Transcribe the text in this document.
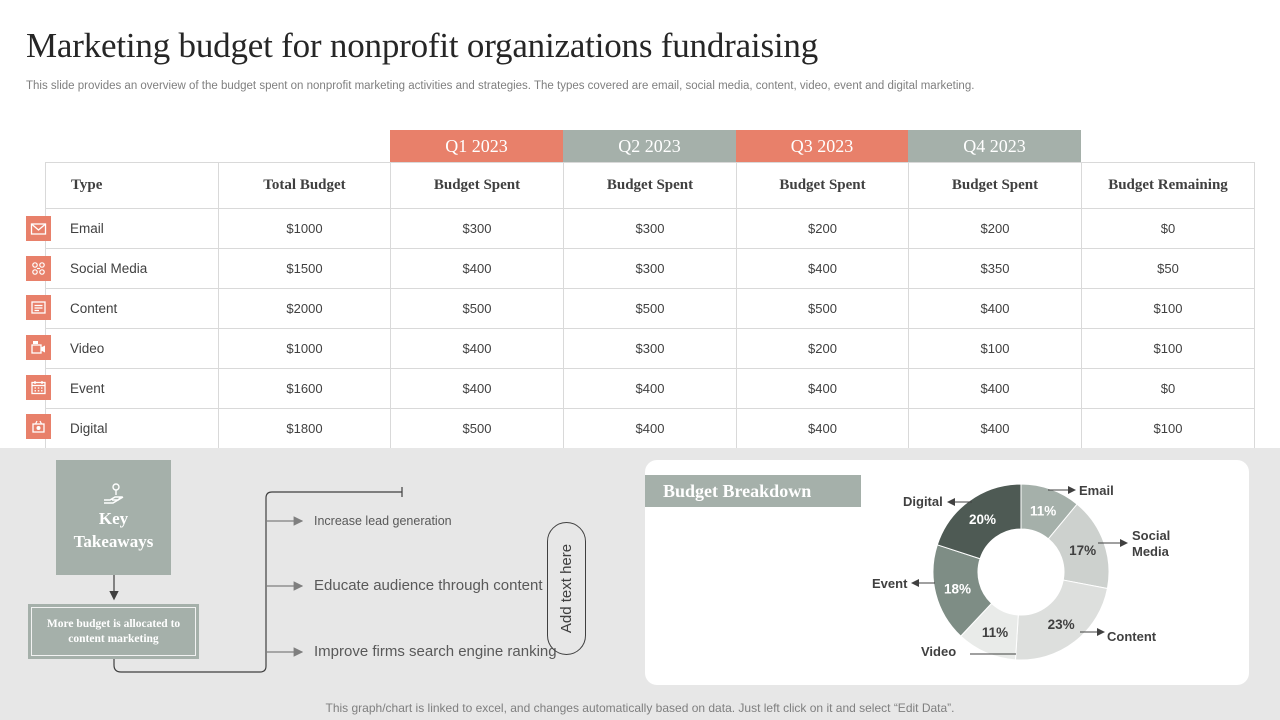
Marketing budget for nonprofit organizations fundraising
This slide provides an overview of the budget spent on nonprofit marketing activities and strategies. The types covered are email, social media, content, video, event and digital marketing.
Q1 2023	Q2 2023	Q3 2023	Q4 2023
Type	Total Budget	Budget Spent	Budget Spent	Budget Spent	Budget Spent	Budget Remaining
Email	$1000	$300	$300	$200	$200	$0
Social Media	$1500	$400	$300	$400	$350	$50
Content	$2000	$500	$500	$500	$400	$100
Video	$1000	$400	$300	$200	$100	$100
Event	$1600	$400	$400	$400	$400	$0
Digital	$1800	$500	$400	$400	$400	$100
Key Takeaways
More budget is allocated to content marketing
Increase lead generation
Educate audience through content
Improve firms search engine ranking
Add text here
Budget Breakdown
11%
17%
23%
11%
18%
20%
Email
Social Media
Content
Video
Event
Digital
This graph/chart is linked to excel, and changes automatically based on data. Just left click on it and select “Edit Data”.
